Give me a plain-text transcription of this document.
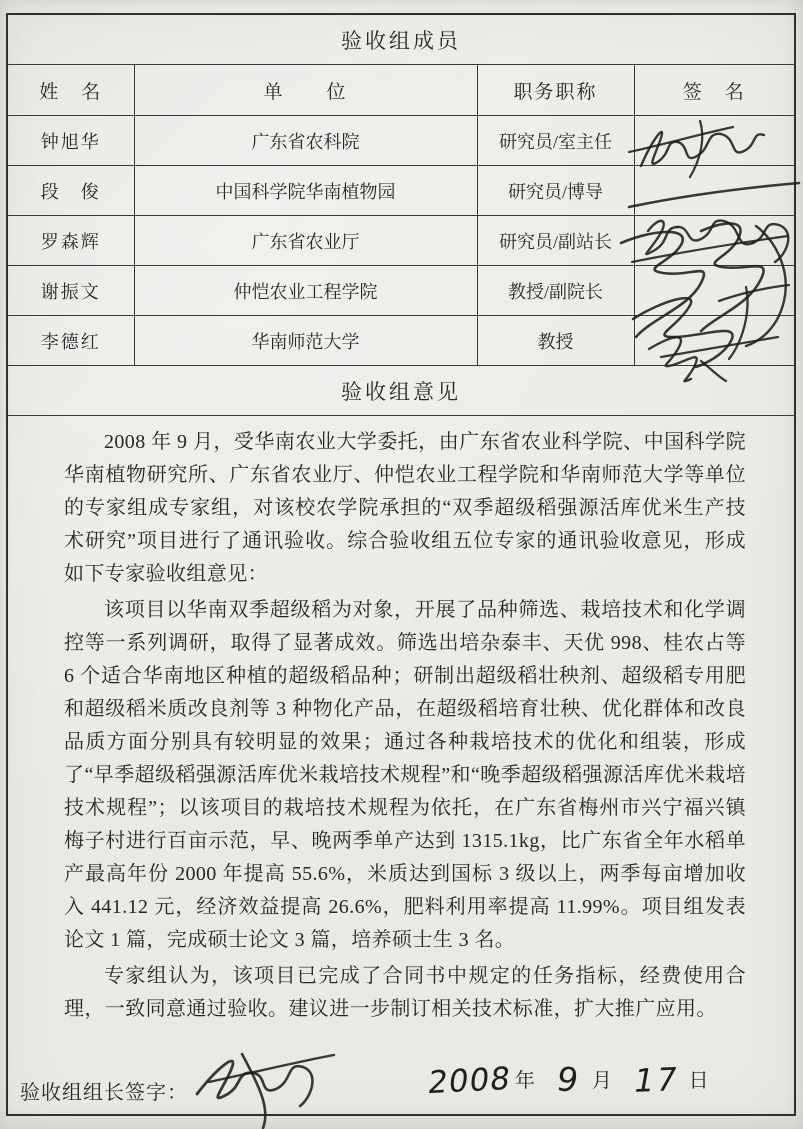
验收组成员			
姓　名	单　　位	职务职称	签　名
钟旭华	广东省农科院	研究员/室主任	
段　俊	中国科学院华南植物园	研究员/博导	
罗森辉	广东省农业厅	研究员/副站长	
谢振文	仲恺农业工程学院	教授/副院长	
李德红	华南师范大学	教授	
验收组意见			

2008 年 9 月，受华南农业大学委托，由广东省农业科学院、中国科学院华南植物研究所、广东省农业厅、仲恺农业工程学院和华南师范大学等单位的专家组成专家组，对该校农学院承担的“双季超级稻强源活库优米生产技术研究”项目进行了通讯验收。综合验收组五位专家的通讯验收意见，形成如下专家验收组意见：

该项目以华南双季超级稻为对象，开展了品种筛选、栽培技术和化学调控等一系列调研，取得了显著成效。筛选出培杂泰丰、天优 998、桂农占等 6 个适合华南地区种植的超级稻品种；研制出超级稻壮秧剂、超级稻专用肥和超级稻米质改良剂等 3 种物化产品，在超级稻培育壮秧、优化群体和改良品质方面分别具有较明显的效果；通过各种栽培技术的优化和组装，形成了“早季超级稻强源活库优米栽培技术规程”和“晚季超级稻强源活库优米栽培技术规程”；以该项目的栽培技术规程为依托，在广东省梅州市兴宁福兴镇梅子村进行百亩示范，早、晚两季单产达到 1315.1kg，比广东省全年水稻单产最高年份 2000 年提高 55.6%，米质达到国标 3 级以上，两季每亩增加收入 441.12 元，经济效益提高 26.6%，肥料利用率提高 11.99%。项目组发表论文 1 篇，完成硕士论文 3 篇，培养硕士生 3 名。

专家组认为，该项目已完成了合同书中规定的任务指标，经费使用合理，一致同意通过验收。建议进一步制订相关技术标准，扩大推广应用。			

验收组组长签字：	2008 年 9 月 17 日
